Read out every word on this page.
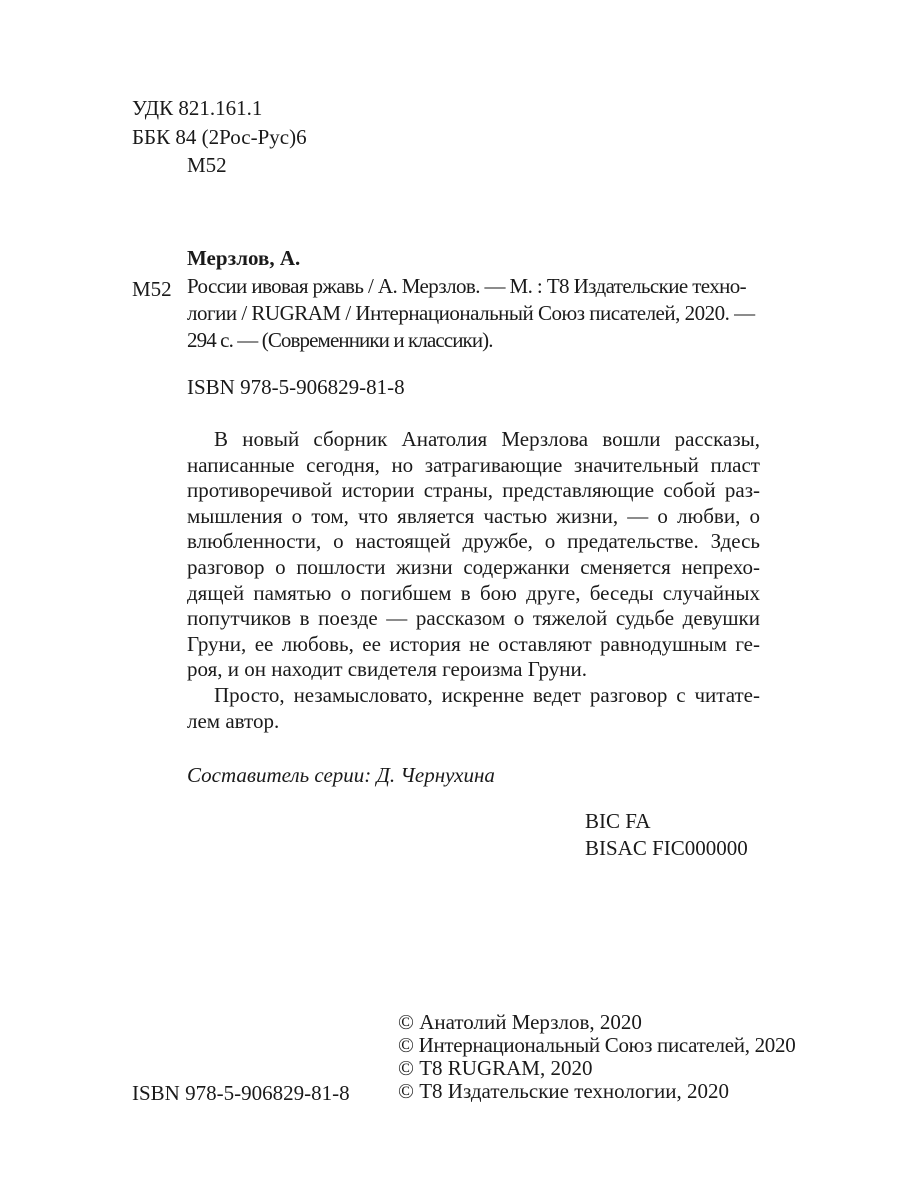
УДК 821.161.1
ББК 84 (2Рос-Рус)6
М52
Мерзлов, А.
М52 России ивовая ржавь / А. Мерзлов. — М. : Т8 Издательские техно-
логии / RUGRAM / Интернациональный Союз писателей, 2020. —
294 с. — (Современники и классики).
ISBN 978-5-906829-81-8

В новый сборник Анатолия Мерзлова вошли рассказы, написанные сегодня, но затрагивающие значительный пласт противоречивой истории страны, представляющие собой размышления о том, что является частью жизни, — о любви, о влюбленности, о настоящей дружбе, о предательстве. Здесь разговор о пошлости жизни содержанки сменяется непреходящей памятью о погибшем в бою друге, беседы случайных попутчиков в поезде — рассказом о тяжелой судьбе девушки Груни, ее любовь, ее история не оставляют равнодушным героя, и он находит свидетеля героизма Груни.

Просто, незамысловато, искренне ведет разговор с читателем автор.

Составитель серии: Д. Чернухина
BIC FA
BISAC FIC000000
ISBN 978-5-906829-81-8
© Анатолий Мерзлов, 2020
© Интернациональный Союз писателей, 2020
© Т8 RUGRAM, 2020
© Т8 Издательские технологии, 2020
